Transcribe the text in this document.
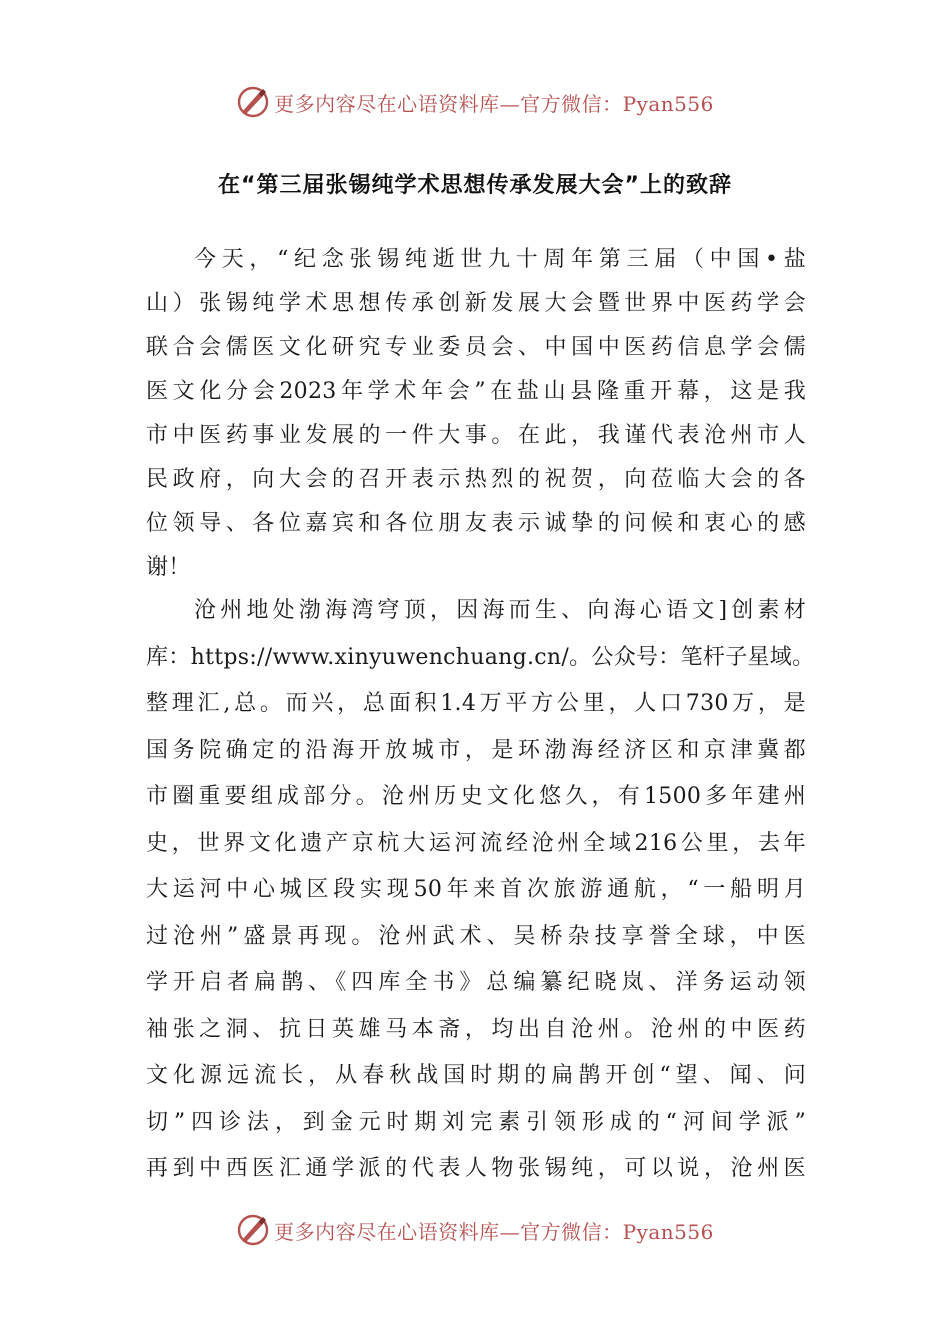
更多内容尽在心语资料库—官方微信：Pyan556
在“第三届张锡纯学术思想传承发展大会”上的致辞
今天，“纪念张锡纯逝世九十周年第三届（中国•盐
山）张锡纯学术思想传承创新发展大会暨世界中医药学会
联合会儒医文化研究专业委员会、中国中医药信息学会儒
医文化分会2023年学术年会”在盐山县隆重开幕，这是我
市中医药事业发展的一件大事。在此，我谨代表沧州市人
民政府，向大会的召开表示热烈的祝贺，向莅临大会的各
位领导、各位嘉宾和各位朋友表示诚挚的问候和衷心的感
谢！
沧州地处渤海湾穹顶，因海而生、向海心语文]创素材
库：https://www.xinyuwenchuang.cn/。公众号：笔杆子星域。
整理汇,总。而兴，总面积1.4万平方公里，人口730万，是
国务院确定的沿海开放城市，是环渤海经济区和京津冀都
市圈重要组成部分。沧州历史文化悠久，有1500多年建州
史，世界文化遗产京杭大运河流经沧州全域216公里，去年
大运河中心城区段实现50年来首次旅游通航，“一船明月
过沧州”盛景再现。沧州武术、吴桥杂技享誉全球，中医
学开启者扁鹊、《四库全书》总编纂纪晓岚、洋务运动领
袖张之洞、抗日英雄马本斋，均出自沧州。沧州的中医药
文化源远流长，从春秋战国时期的扁鹊开创“望、闻、问
切”四诊法，到金元时期刘完素引领形成的“河间学派”
再到中西医汇通学派的代表人物张锡纯，可以说，沧州医
更多内容尽在心语资料库—官方微信：Pyan556
